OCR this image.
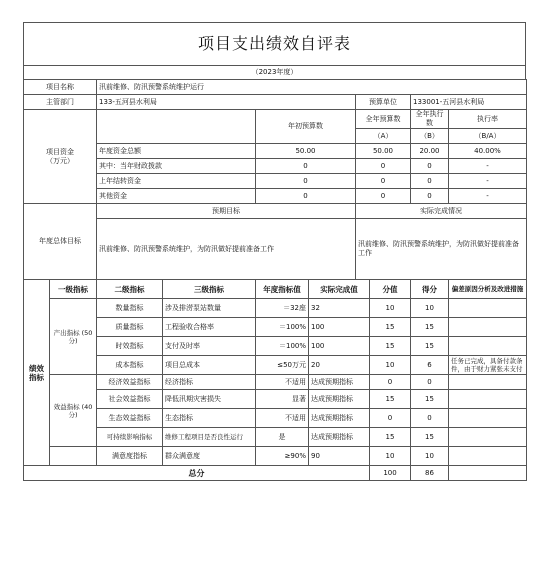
项目支出绩效自评表
（2023年度）
项目名称		汛前维修、防汛预警系统维护运行							
主管部门		133-五河县水利局				预算单位		133001-五河县水利局	
项目资金
（万元）				年初预算数		全年预算数		全年执行数	执行率
						（A）		（B）	（B/A）
		年度资金总额		50.00		50.00		20.00	40.00%
		其中：当年财政拨款		0		0		0	-
		上年结转资金		0		0		0	-
		其他资金		0		0		0	-
年度总体目标		预期目标				实际完成情况			
		汛前维修、防汛预警系统维护，为防汛做好提前准备工作				汛前维修、防汛预警系统维护，为防汛做好提前准备工作			
绩效指标	一级指标	二级指标	三级指标	年度指标值	实际完成值		分值	得分	偏差原因分析及改进措施
	产出指标 (50分)	数量指标	涉及排涝泵站数量	＝32座	32		10	10	
		质量指标	工程验收合格率	＝100%	100		15	15	
		时效指标	支付及时率	＝100%	100		15	15	
		成本指标	项目总成本	≤50万元	20		10	6	任务已完成，具备付款条件，由于财力紧张未支付
	效益指标 (40分)	经济效益指标	经济指标	不适用	达成预期指标		0	0	
		社会效益指标	降低汛期灾害损失	显著	达成预期指标		15	15	
		生态效益指标	生态指标	不适用	达成预期指标		0	0	
		可持续影响指标	维修工程项目是否良性运行	是	达成预期指标		15	15	
		满意度指标	群众满意度	≥90%	90		10	10	
总分							100	86	
